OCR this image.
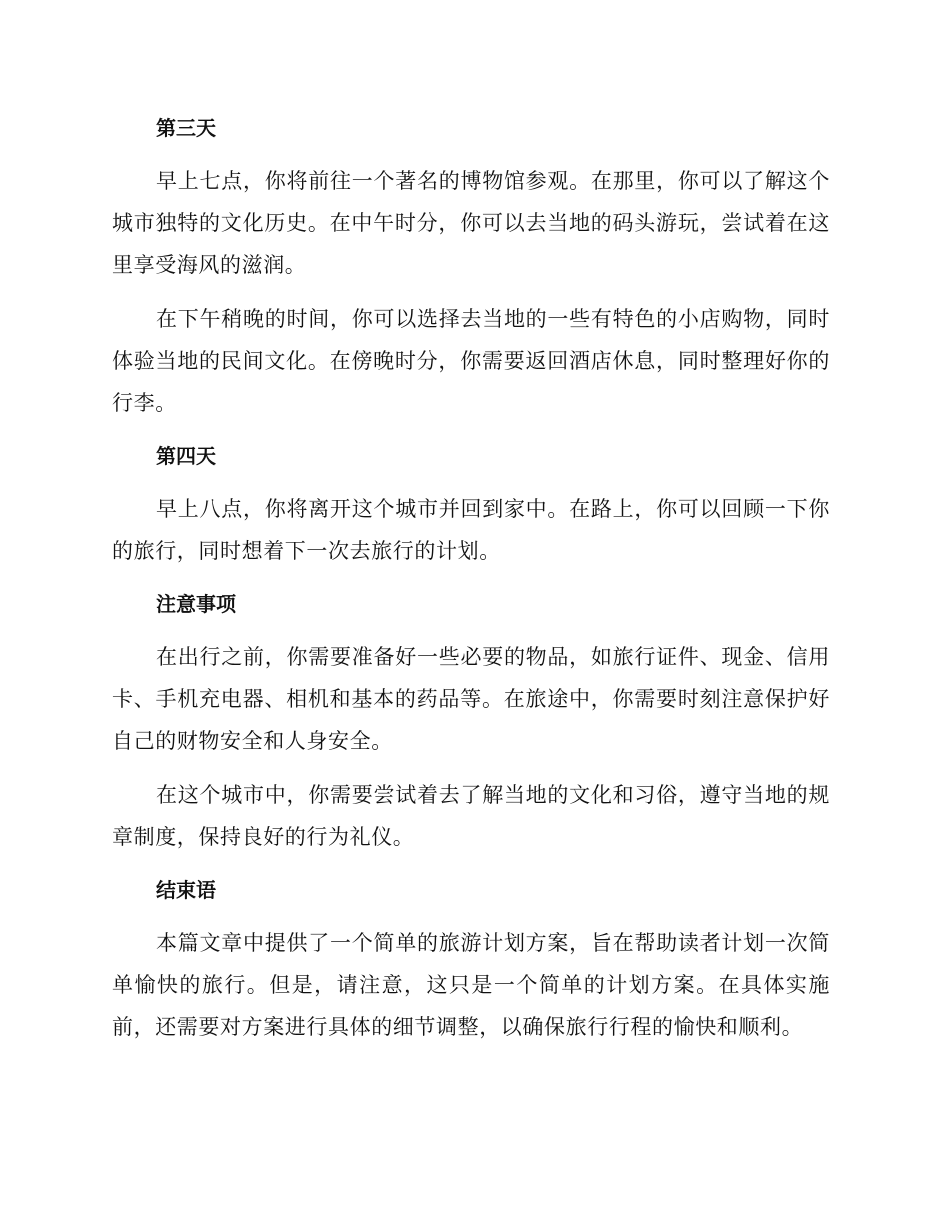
第三天

早上七点，你将前往一个著名的博物馆参观。在那里，你可以了解这个城市独特的文化历史。在中午时分，你可以去当地的码头游玩，尝试着在这里享受海风的滋润。

在下午稍晚的时间，你可以选择去当地的一些有特色的小店购物，同时体验当地的民间文化。在傍晚时分，你需要返回酒店休息，同时整理好你的行李。

第四天

早上八点，你将离开这个城市并回到家中。在路上，你可以回顾一下你的旅行，同时想着下一次去旅行的计划。

注意事项

在出行之前，你需要准备好一些必要的物品，如旅行证件、现金、信用卡、手机充电器、相机和基本的药品等。在旅途中，你需要时刻注意保护好自己的财物安全和人身安全。

在这个城市中，你需要尝试着去了解当地的文化和习俗，遵守当地的规章制度，保持良好的行为礼仪。

结束语

本篇文章中提供了一个简单的旅游计划方案，旨在帮助读者计划一次简单愉快的旅行。但是，请注意，这只是一个简单的计划方案。在具体实施前，还需要对方案进行具体的细节调整，以确保旅行行程的愉快和顺利。
